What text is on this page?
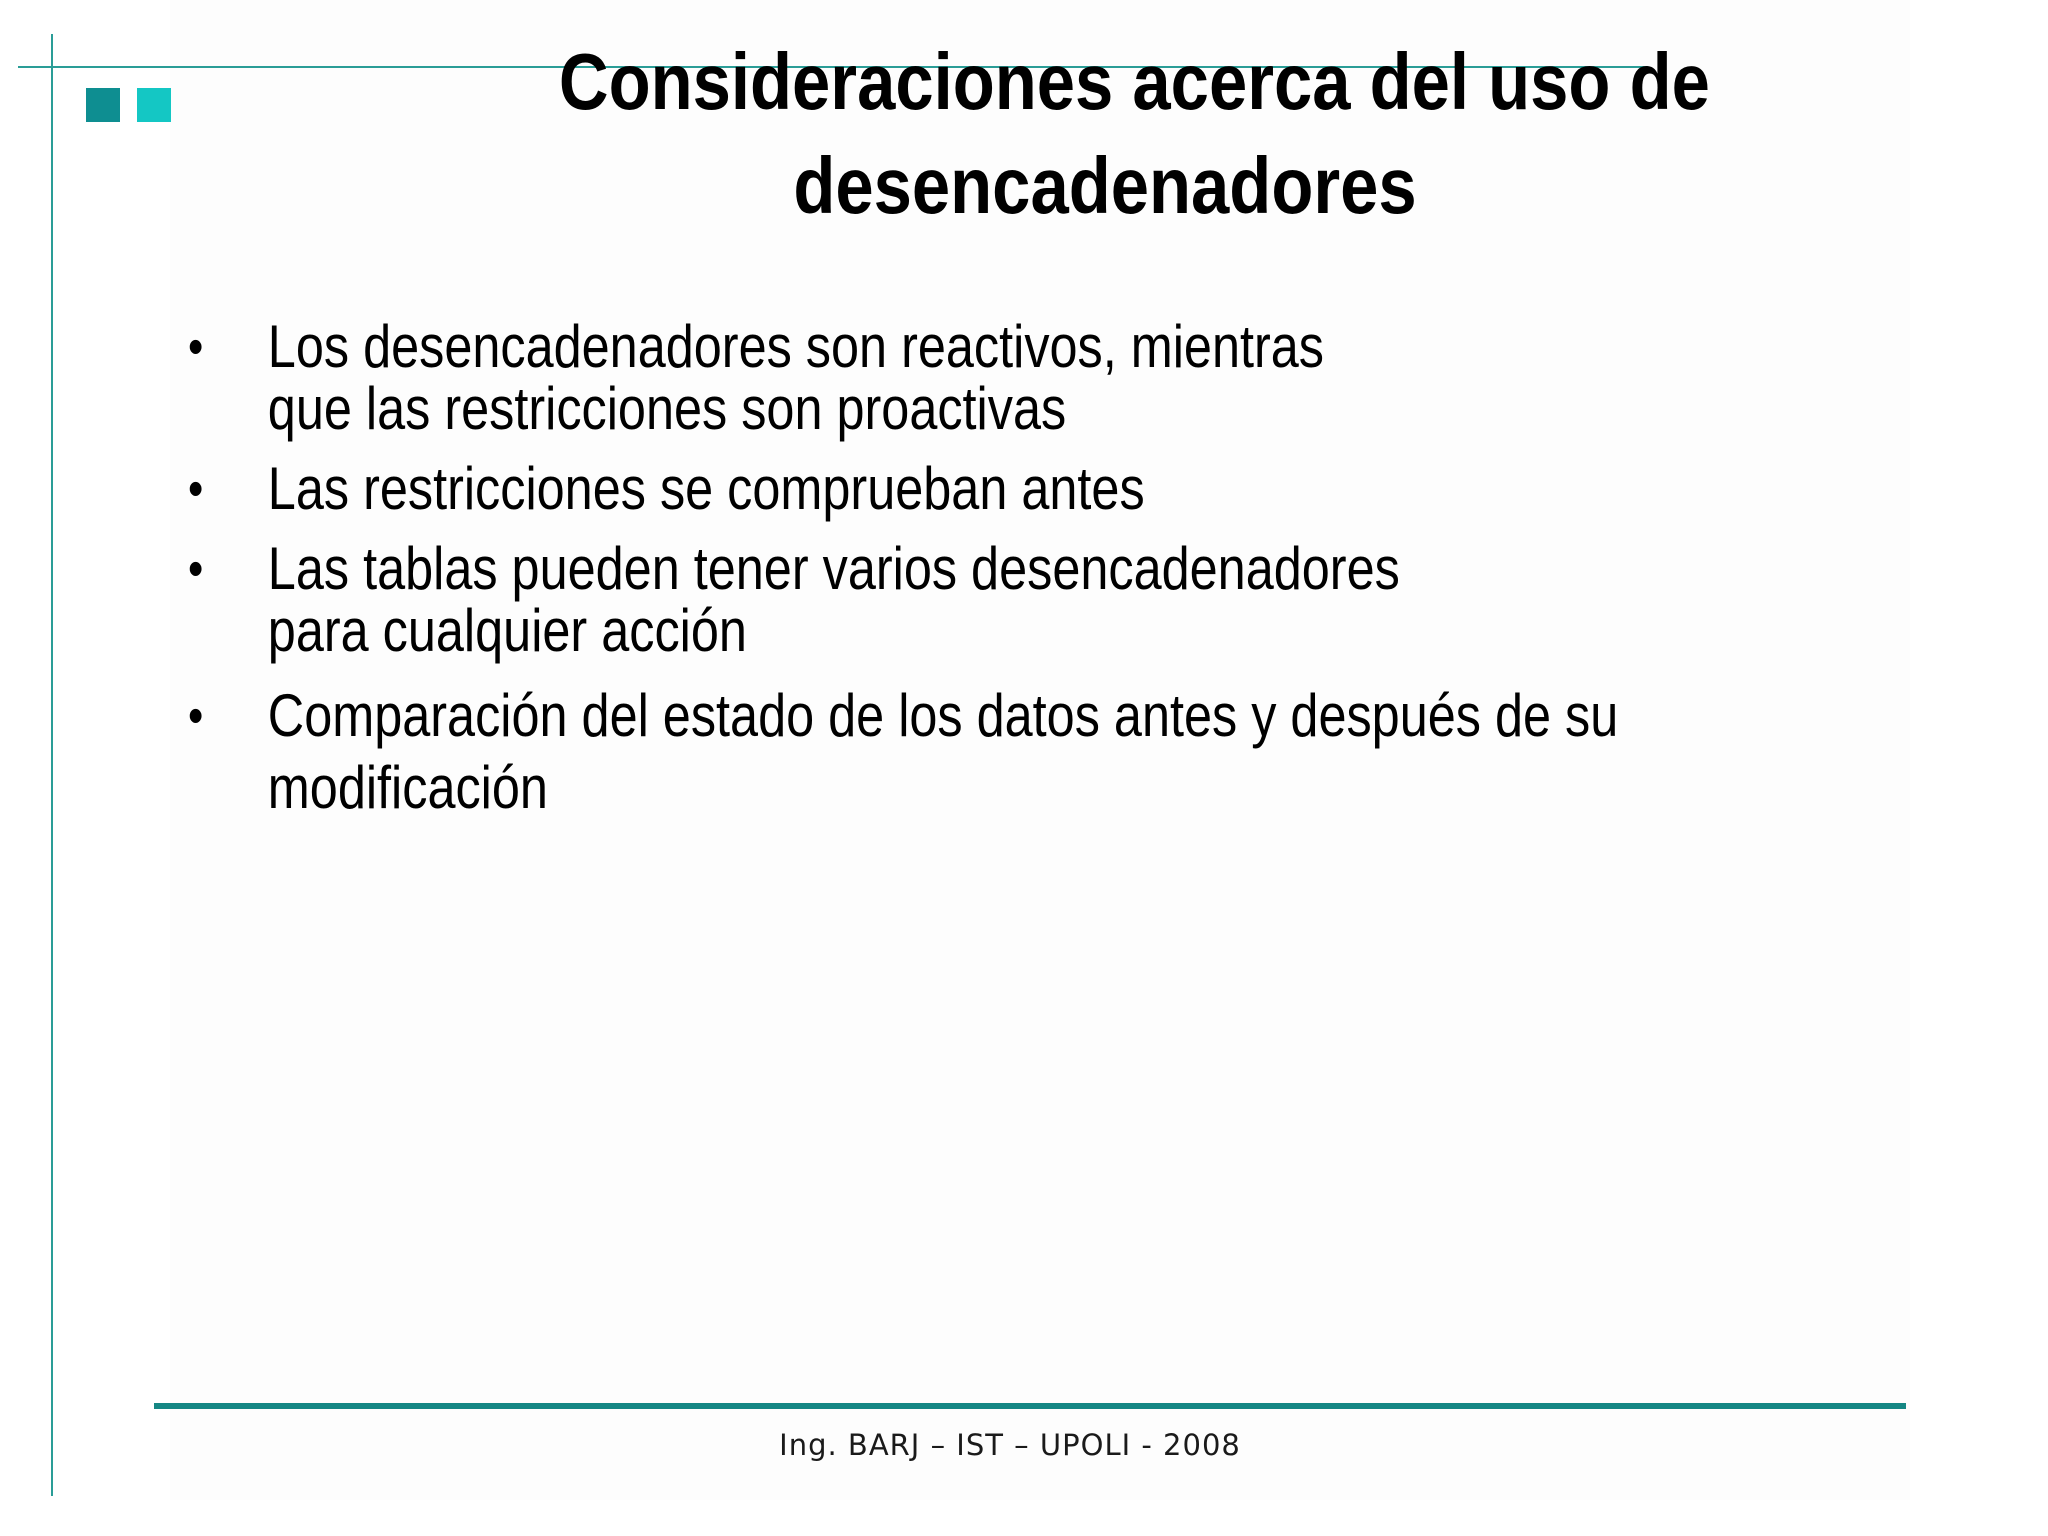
Consideraciones acerca del uso de
desencadenadores
• Los desencadenadores son reactivos, mientras
que las restricciones son proactivas
• Las restricciones se comprueban antes
• Las tablas pueden tener varios desencadenadores
para cualquier acción
• Comparación del estado de los datos antes y después de su
modificación
Ing. BARJ – IST – UPOLI - 2008
